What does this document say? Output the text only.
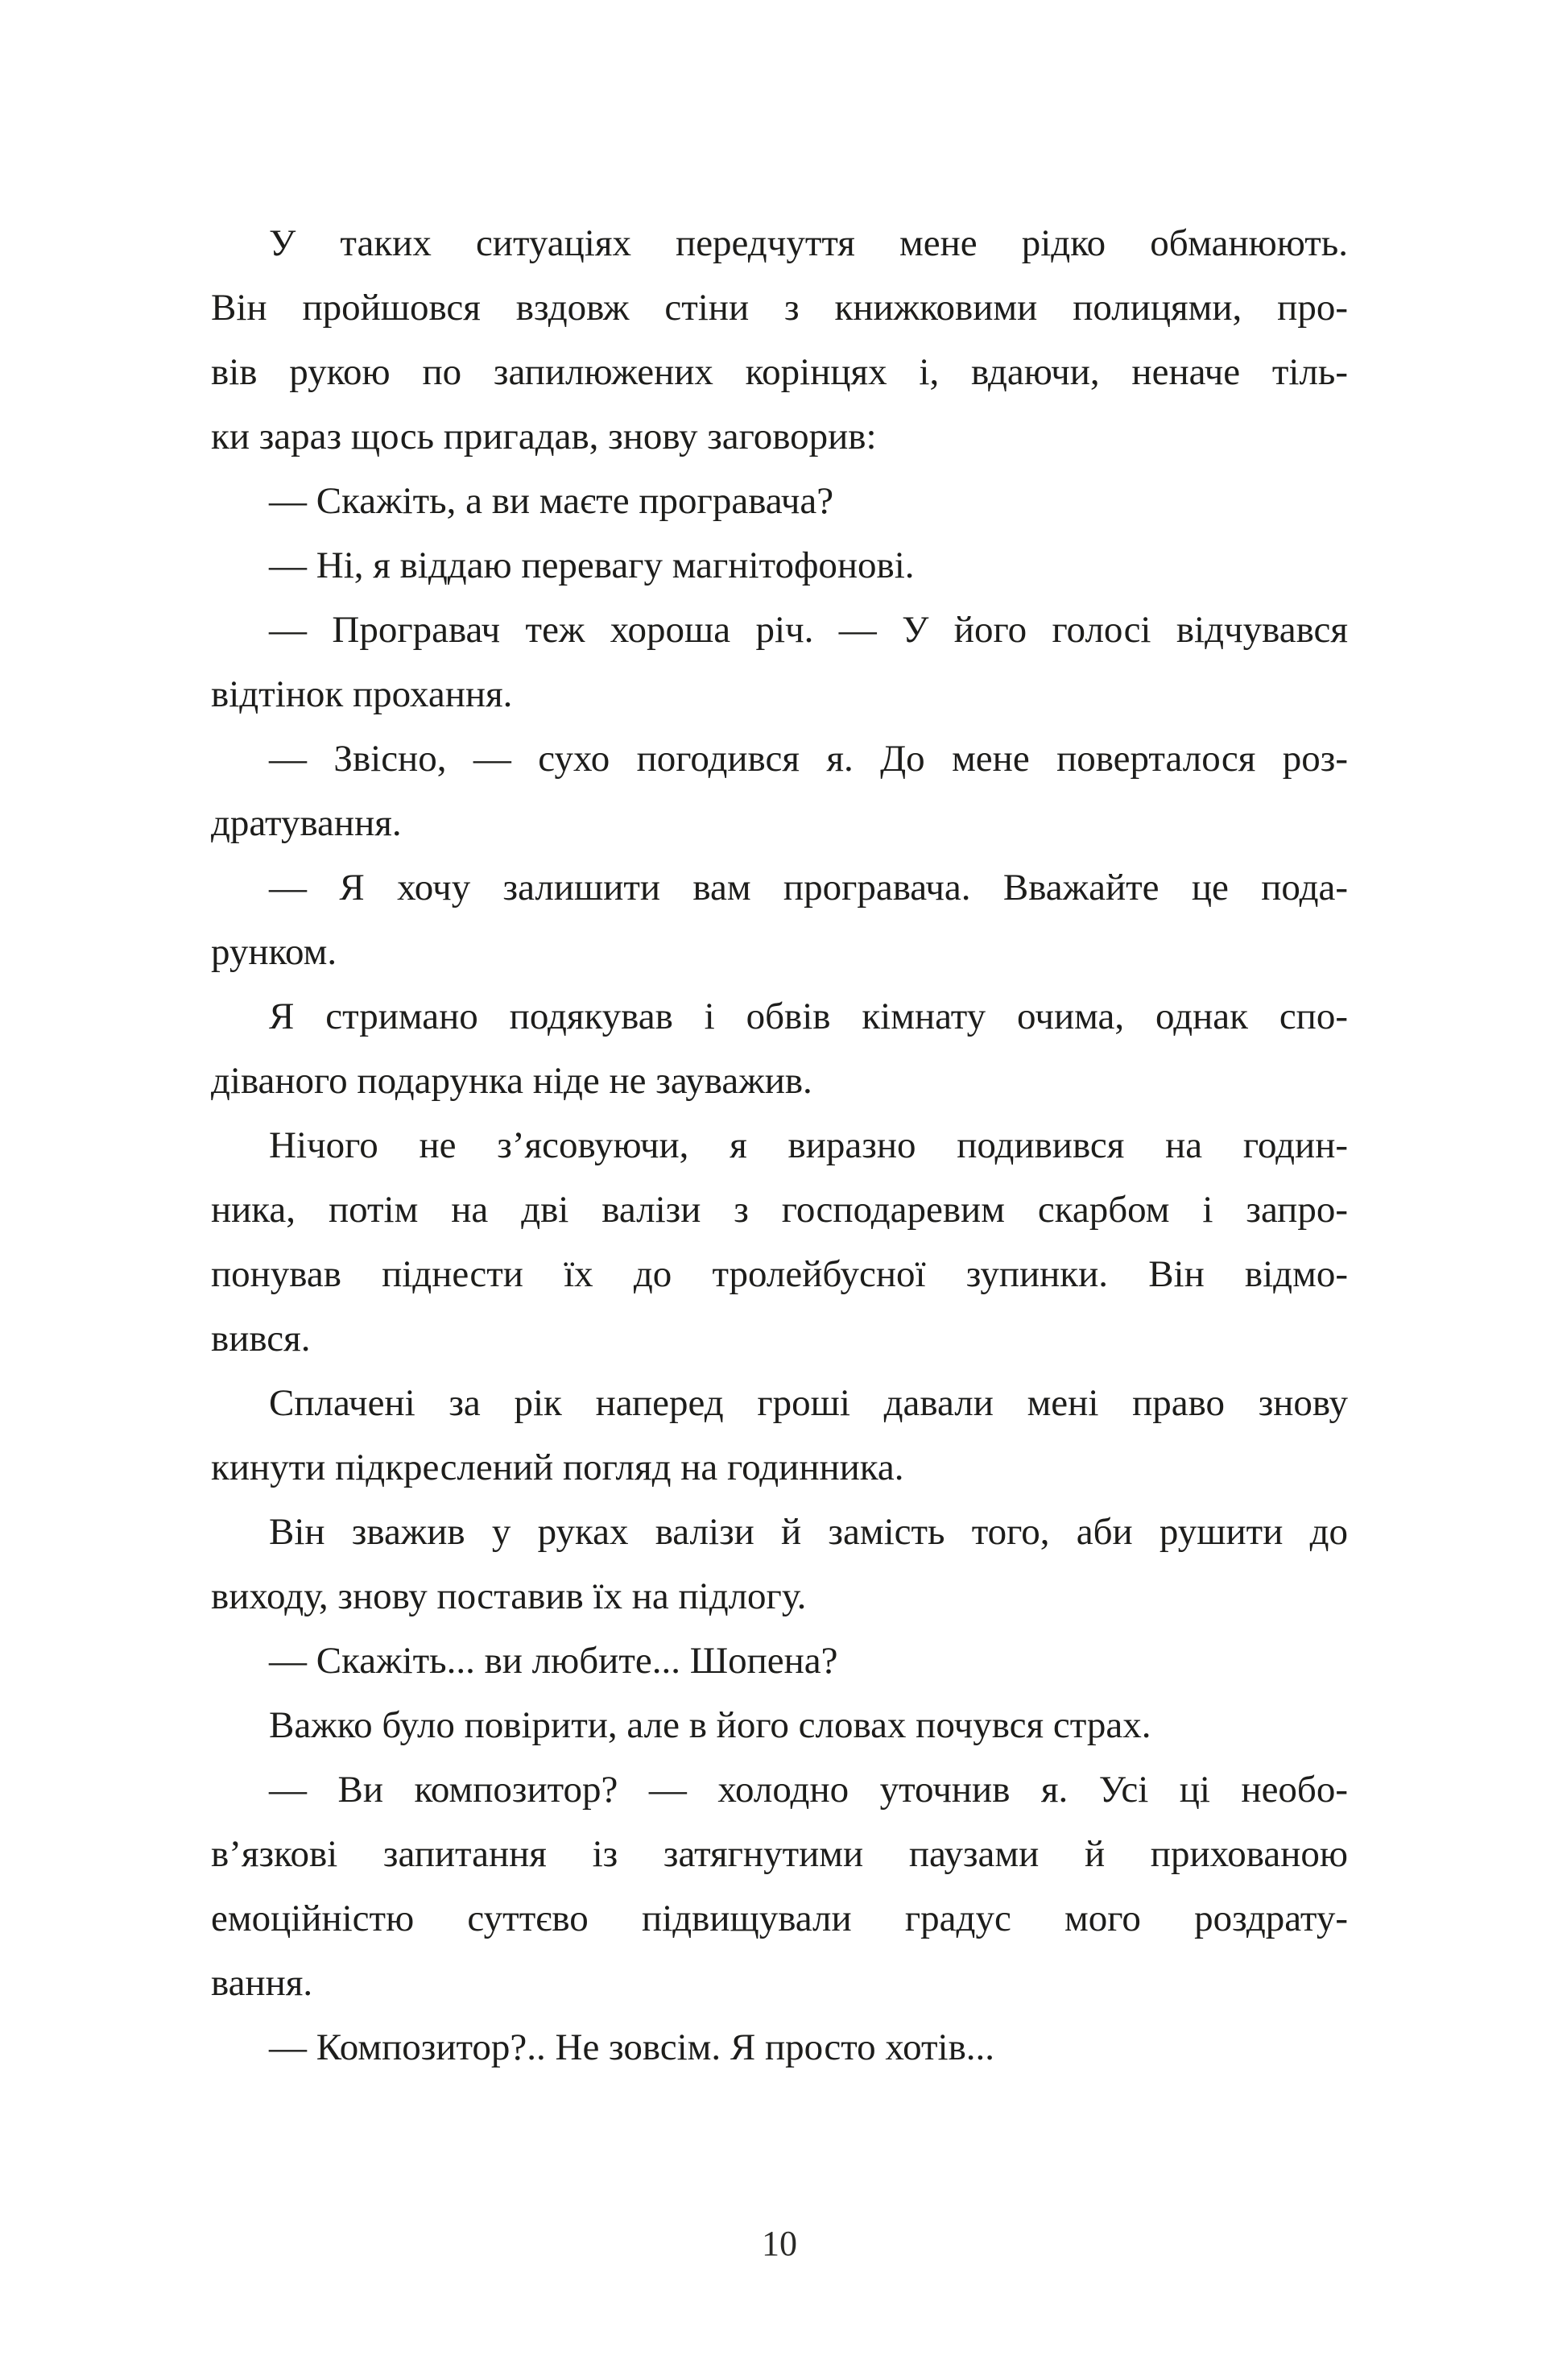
У таких ситуаціях передчуття мене рідко обманюють.
Він пройшовся вздовж стіни з книжковими полицями, про-
вів рукою по запилюжених корінцях і, вдаючи, неначе тіль-
ки зараз щось пригадав, знову заговорив:
— Скажіть, а ви маєте програвача?
— Ні, я віддаю перевагу магнітофонові.
— Програвач теж хороша річ. — У його голосі відчувався
відтінок прохання.
— Звісно, — сухо погодився я. До мене поверталося роз-
дратування.
— Я хочу залишити вам програвача. Вважайте це пода-
рунком.
Я стримано подякував і обвів кімнату очима, однак спо-
діваного подарунка ніде не зауважив.
Нічого не з’ясовуючи, я виразно подивився на годин-
ника, потім на дві валізи з господаревим скарбом і запро-
понував піднести їх до тролейбусної зупинки. Він відмо-
вився.
Сплачені за рік наперед гроші давали мені право знову
кинути підкреслений погляд на годинника.
Він зважив у руках валізи й замість того, аби рушити до
виходу, знову поставив їх на підлогу.
— Скажіть... ви любите... Шопена?
Важко було повірити, але в його словах почувся страх.
— Ви композитор? — холодно уточнив я. Усі ці необо-
в’язкові запитання із затягнутими паузами й прихованою
емоційністю суттєво підвищували градус мого роздрату-
вання.
— Композитор?.. Не зовсім. Я просто хотів...
10
